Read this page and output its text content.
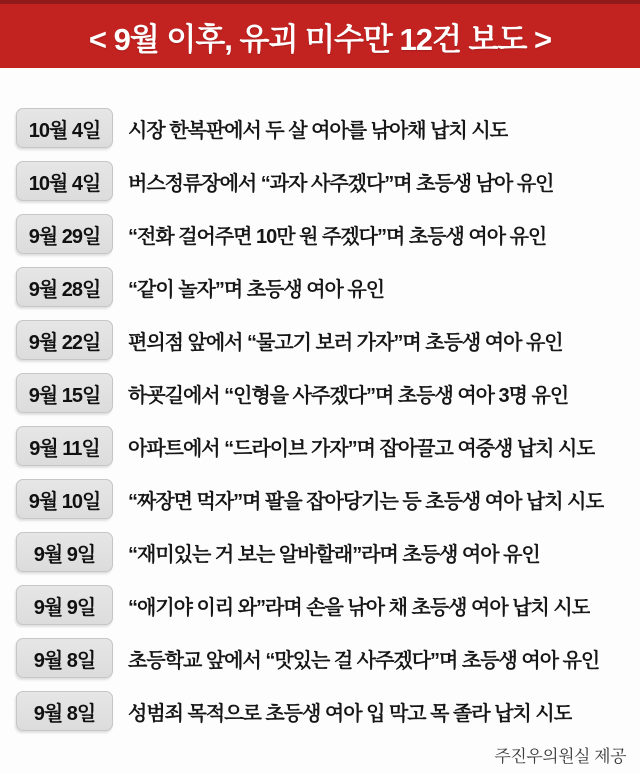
< 9월 이후, 유괴 미수만 12건 보도 >
10월 4일	시장 한복판에서 두 살 여아를 낚아채 납치 시도
10월 4일	버스정류장에서 “과자 사주겠다”며 초등생 남아 유인
9월 29일	“전화 걸어주면 10만 원 주겠다”며 초등생 여아 유인
9월 28일	“같이 놀자”며 초등생 여아 유인
9월 22일	편의점 앞에서 “물고기 보러 가자”며 초등생 여아 유인
9월 15일	하굣길에서 “인형을 사주겠다”며 초등생 여아 3명 유인
9월 11일	아파트에서 “드라이브 가자”며 잡아끌고 여중생 납치 시도
9월 10일	“짜장면 먹자”며 팔을 잡아당기는 등 초등생 여아 납치 시도
9월 9일	“재미있는 거 보는 알바할래”라며 초등생 여아 유인
9월 9일	“애기야 이리 와”라며 손을 낚아 채 초등생 여아 납치 시도
9월 8일	초등학교 앞에서 “맛있는 걸 사주겠다”며 초등생 여아 유인
9월 8일	성범죄 목적으로 초등생 여아 입 막고 목 졸라 납치 시도
주진우의원실 제공
